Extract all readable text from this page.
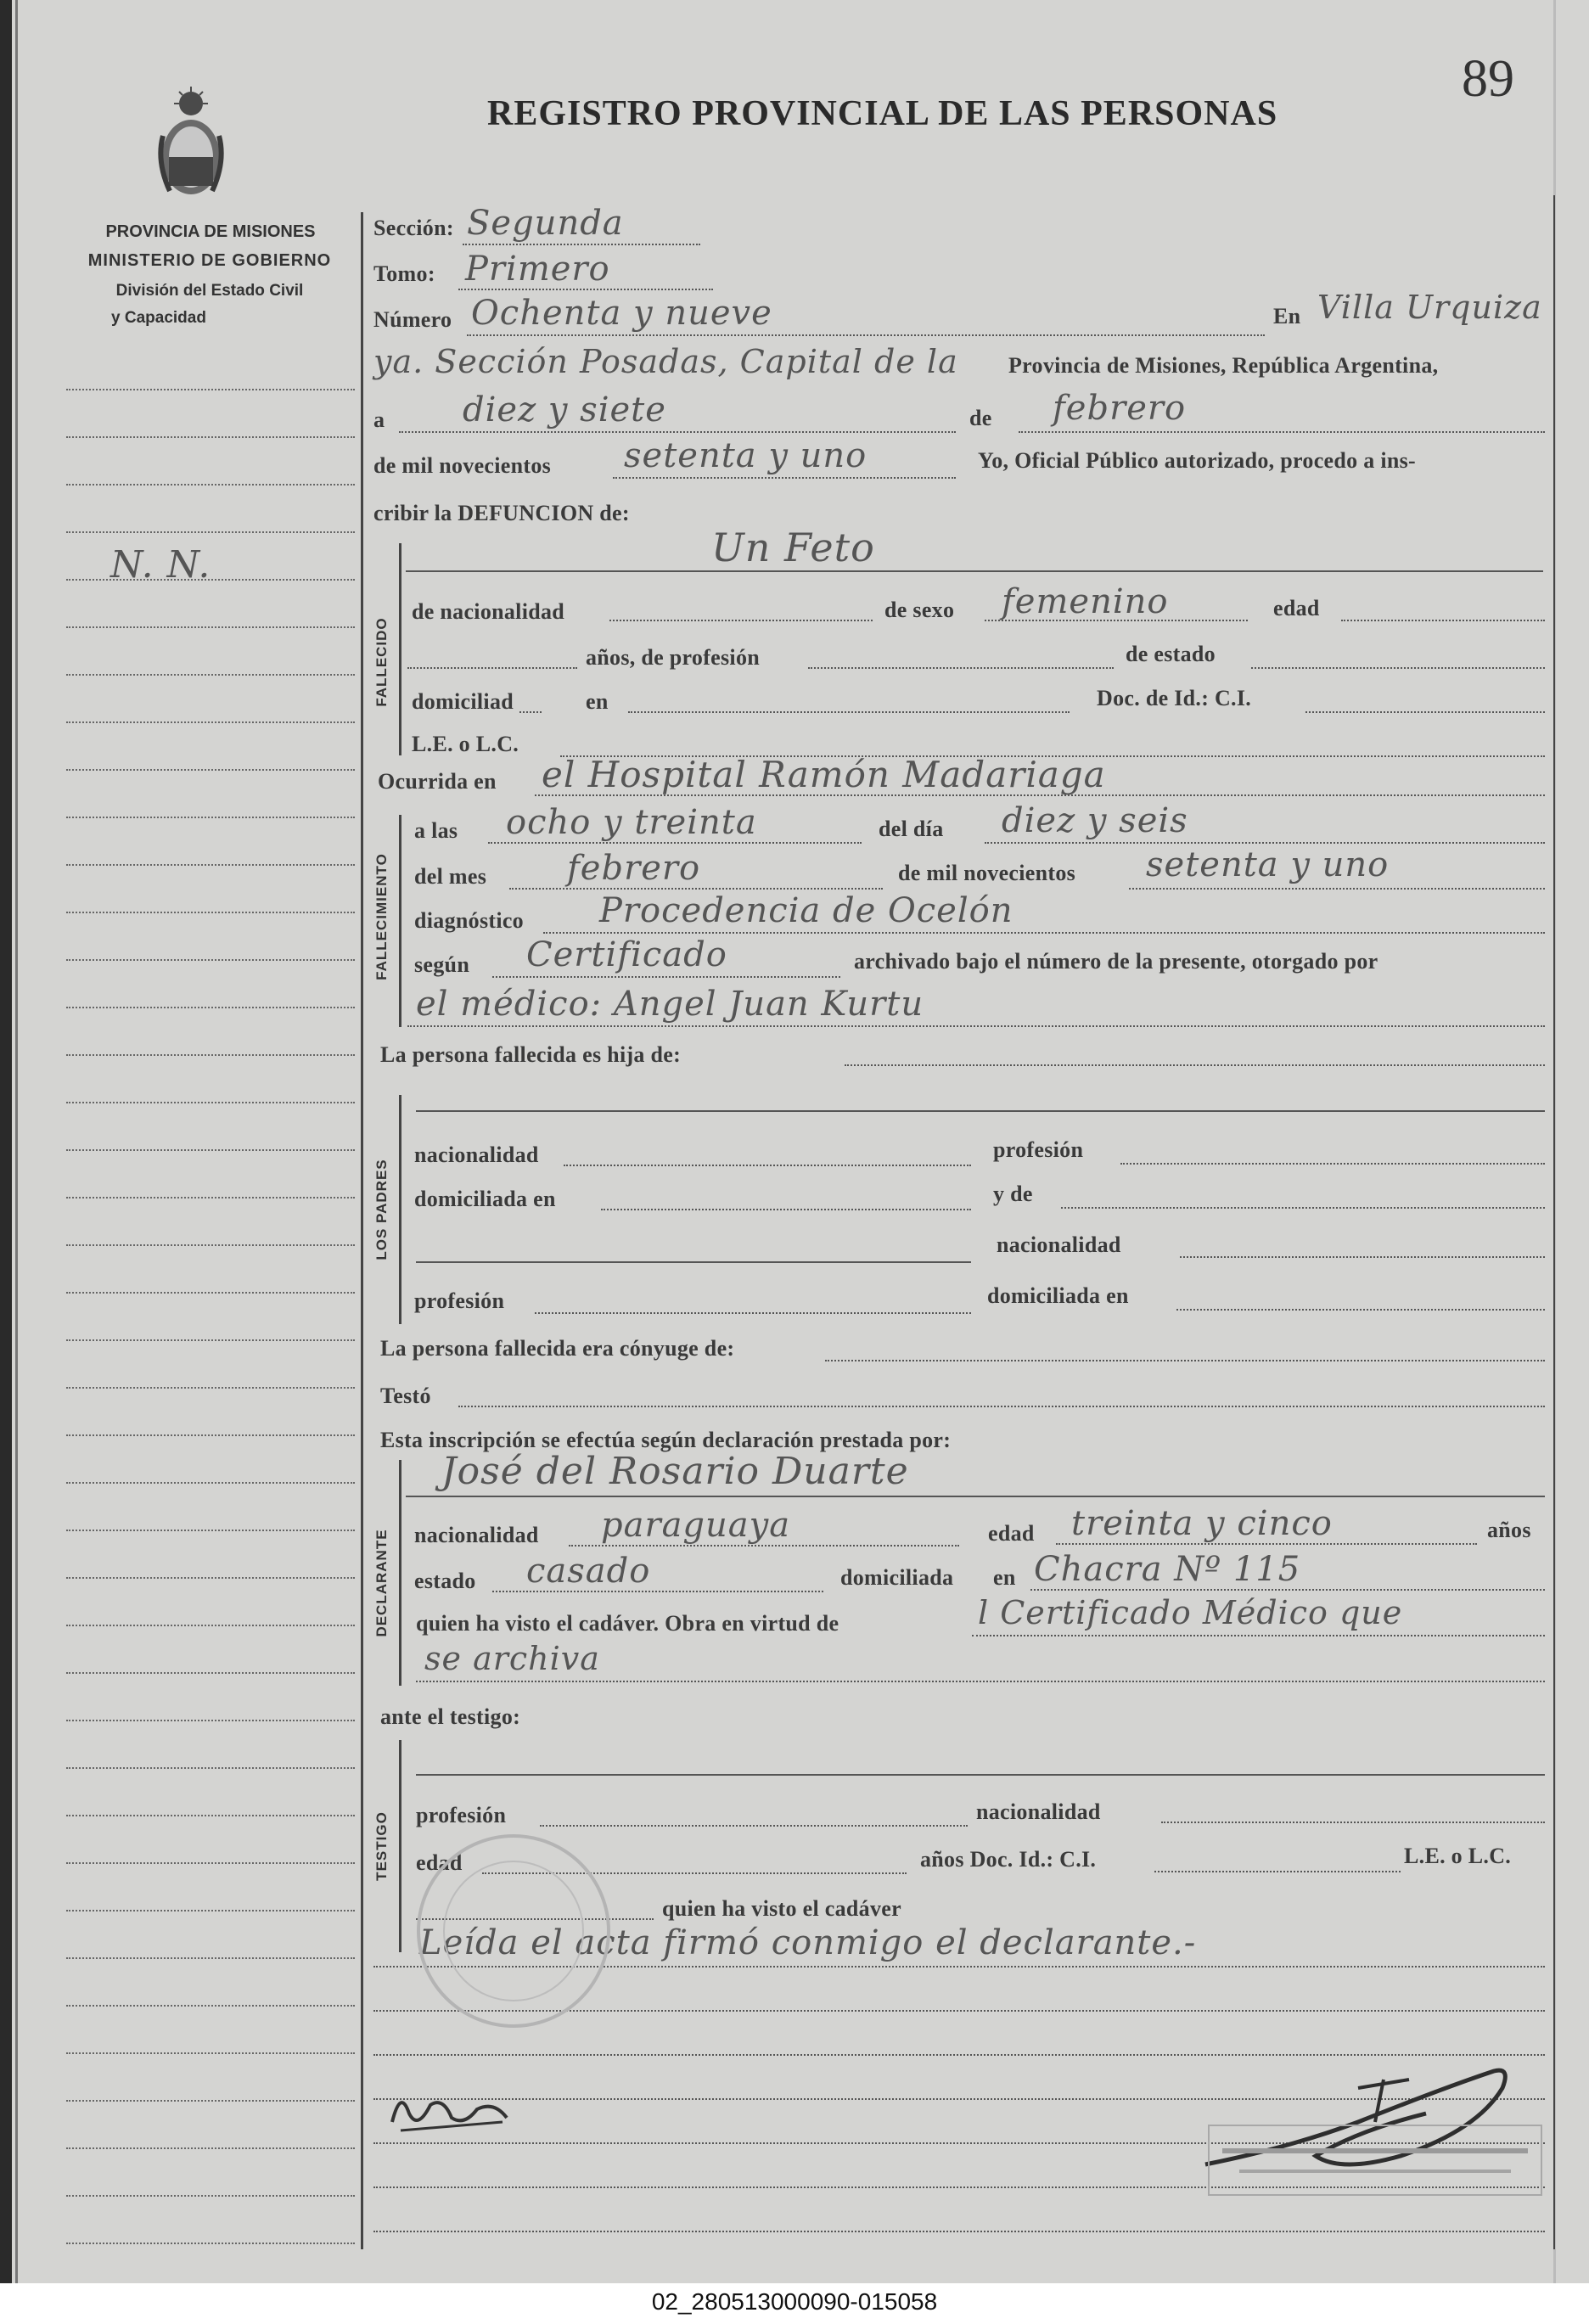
89
PROVINCIA DE MISIONES
MINISTERIO DE GOBIERNO
División del Estado Civil
y Capacidad
N. N.
REGISTRO PROVINCIAL DE LAS PERSONAS
Sección: Segunda
Tomo: Primero
Número Ochenta y nueve	En Villa Urquiza
ya. Sección Posadas, Capital de la Provincia de Misiones, República Argentina,
a diez y siete	de febrero
de mil novecientos setenta y uno	Yo, Oficial Público autorizado, procedo a ins-
cribir la DEFUNCION de:
FALLECIDO
Un Feto
de nacionalidad	de sexo femenino	edad
años, de profesión	de estado
domiciliad	en	Doc. de Id.: C.I.
L.E. o L.C.
Ocurrida en el Hospital Ramón Madariaga
FALLECIMIENTO
a las ocho y treinta	del día diez y seis
del mes febrero	de mil novecientos setenta y uno
diagnóstico Procedencia de Ocelón
según Certificado	archivado bajo el número de la presente, otorgado por
el médico: Angel Juan Kurtu
La persona fallecida es hija de:
LOS PADRES
nacionalidad	profesión
domiciliada en	y de
nacionalidad
profesión	domiciliada en
La persona fallecida era cónyuge de:
Testó
Esta inscripción se efectúa según declaración prestada por:
DECLARANTE
José del Rosario Duarte
nacionalidad paraguaya	edad treinta y cinco	años
estado casado	domiciliada en Chacra Nº 115
quien ha visto el cadáver. Obra en virtud de	l Certificado Médico que
se archiva
ante el testigo:
TESTIGO profesión	nacionalidad
edad	años Doc. Id.: C.I.	L.E. o L.C.
quien ha visto el cadáver
Leída el acta firmó conmigo el declarante.-
02_280513000090-015058
